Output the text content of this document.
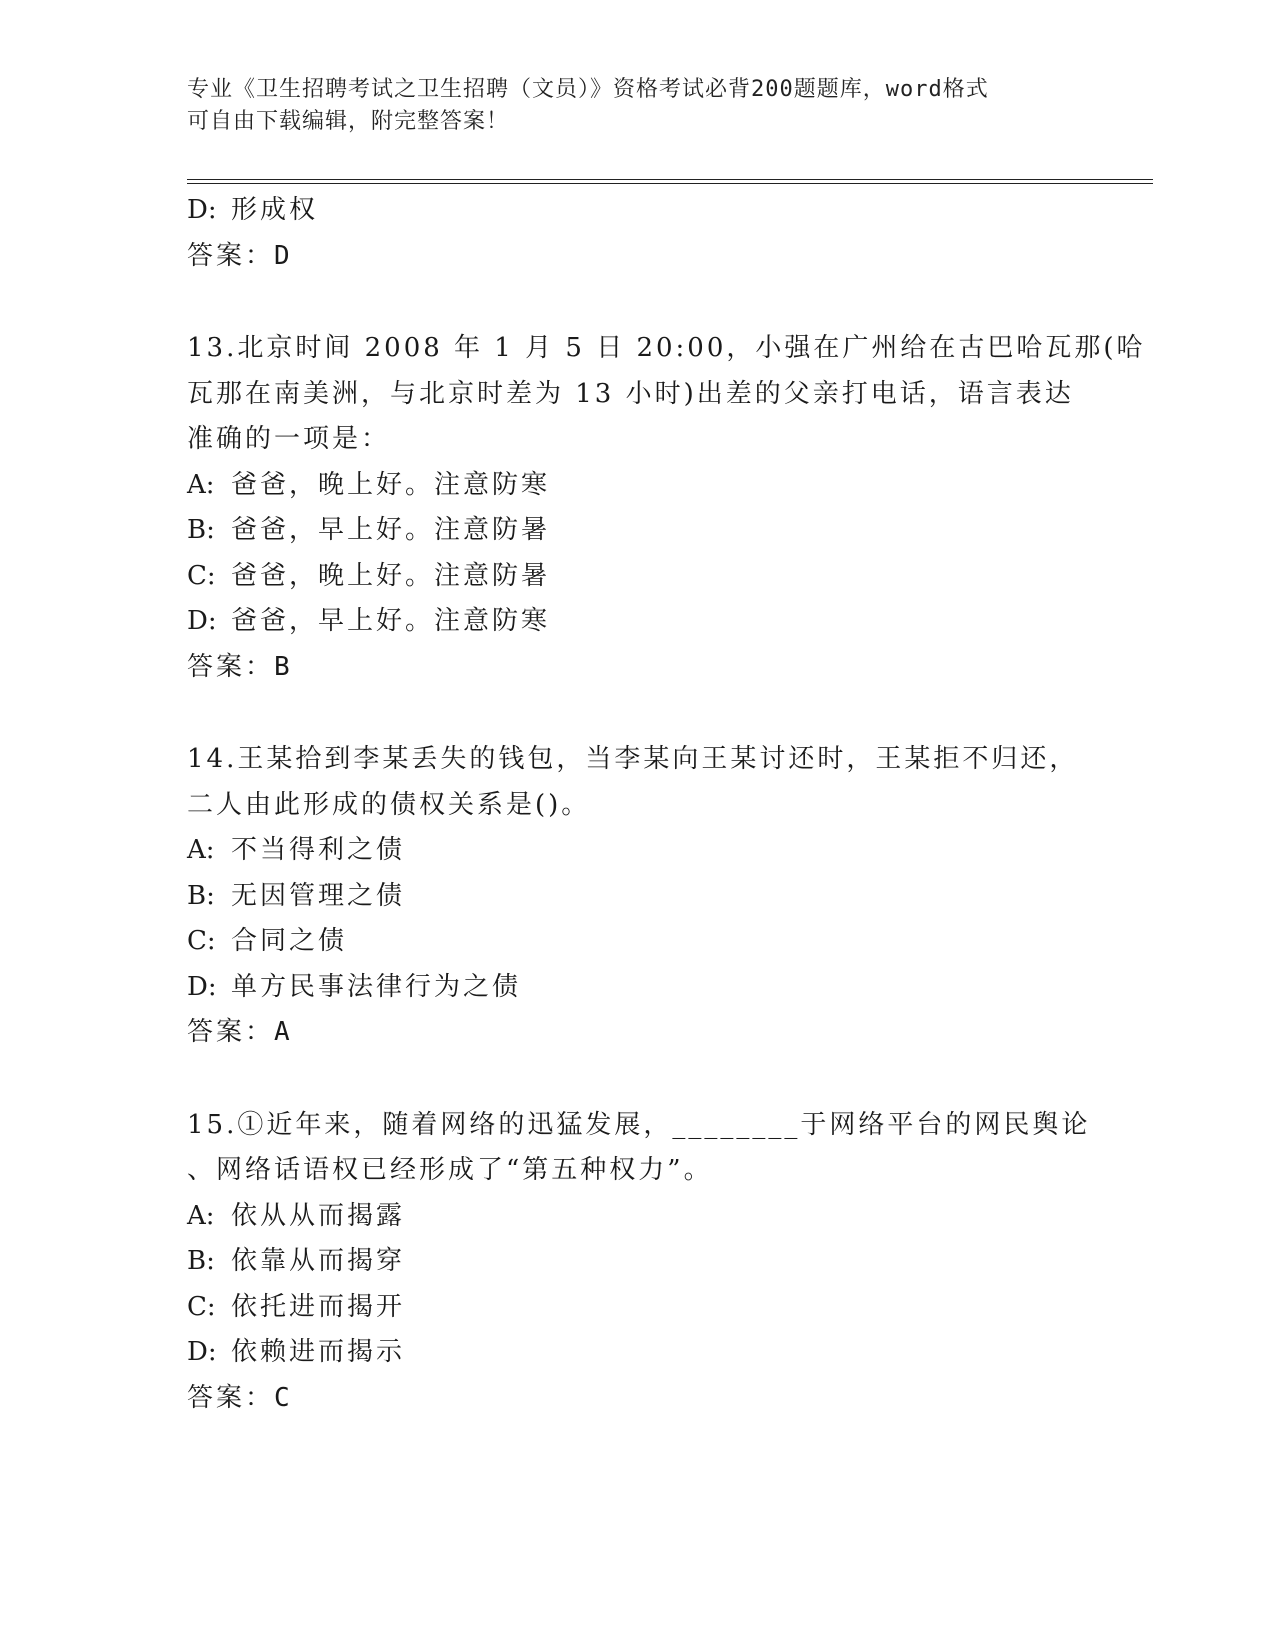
专业《卫生招聘考试之卫生招聘（文员）》资格考试必背200题题库，word格式
可自由下载编辑，附完整答案！
D: 形成权
答案：D
13.北京时间 2008 年 1 月 5 日 20:00，小强在广州给在古巴哈瓦那(哈
瓦那在南美洲，与北京时差为 13 小时)出差的父亲打电话，语言表达
准确的一项是：
A: 爸爸，晚上好。注意防寒
B: 爸爸，早上好。注意防暑
C: 爸爸，晚上好。注意防暑
D: 爸爸，早上好。注意防寒
答案：B
14.王某拾到李某丢失的钱包，当李某向王某讨还时，王某拒不归还，
二人由此形成的债权关系是()。
A: 不当得利之债
B: 无因管理之债
C: 合同之债
D: 单方民事法律行为之债
答案：A
15.①近年来，随着网络的迅猛发展，________于网络平台的网民舆论
、网络话语权已经形成了“第五种权力”。
A: 依从从而揭露
B: 依靠从而揭穿
C: 依托进而揭开
D: 依赖进而揭示
答案：C
